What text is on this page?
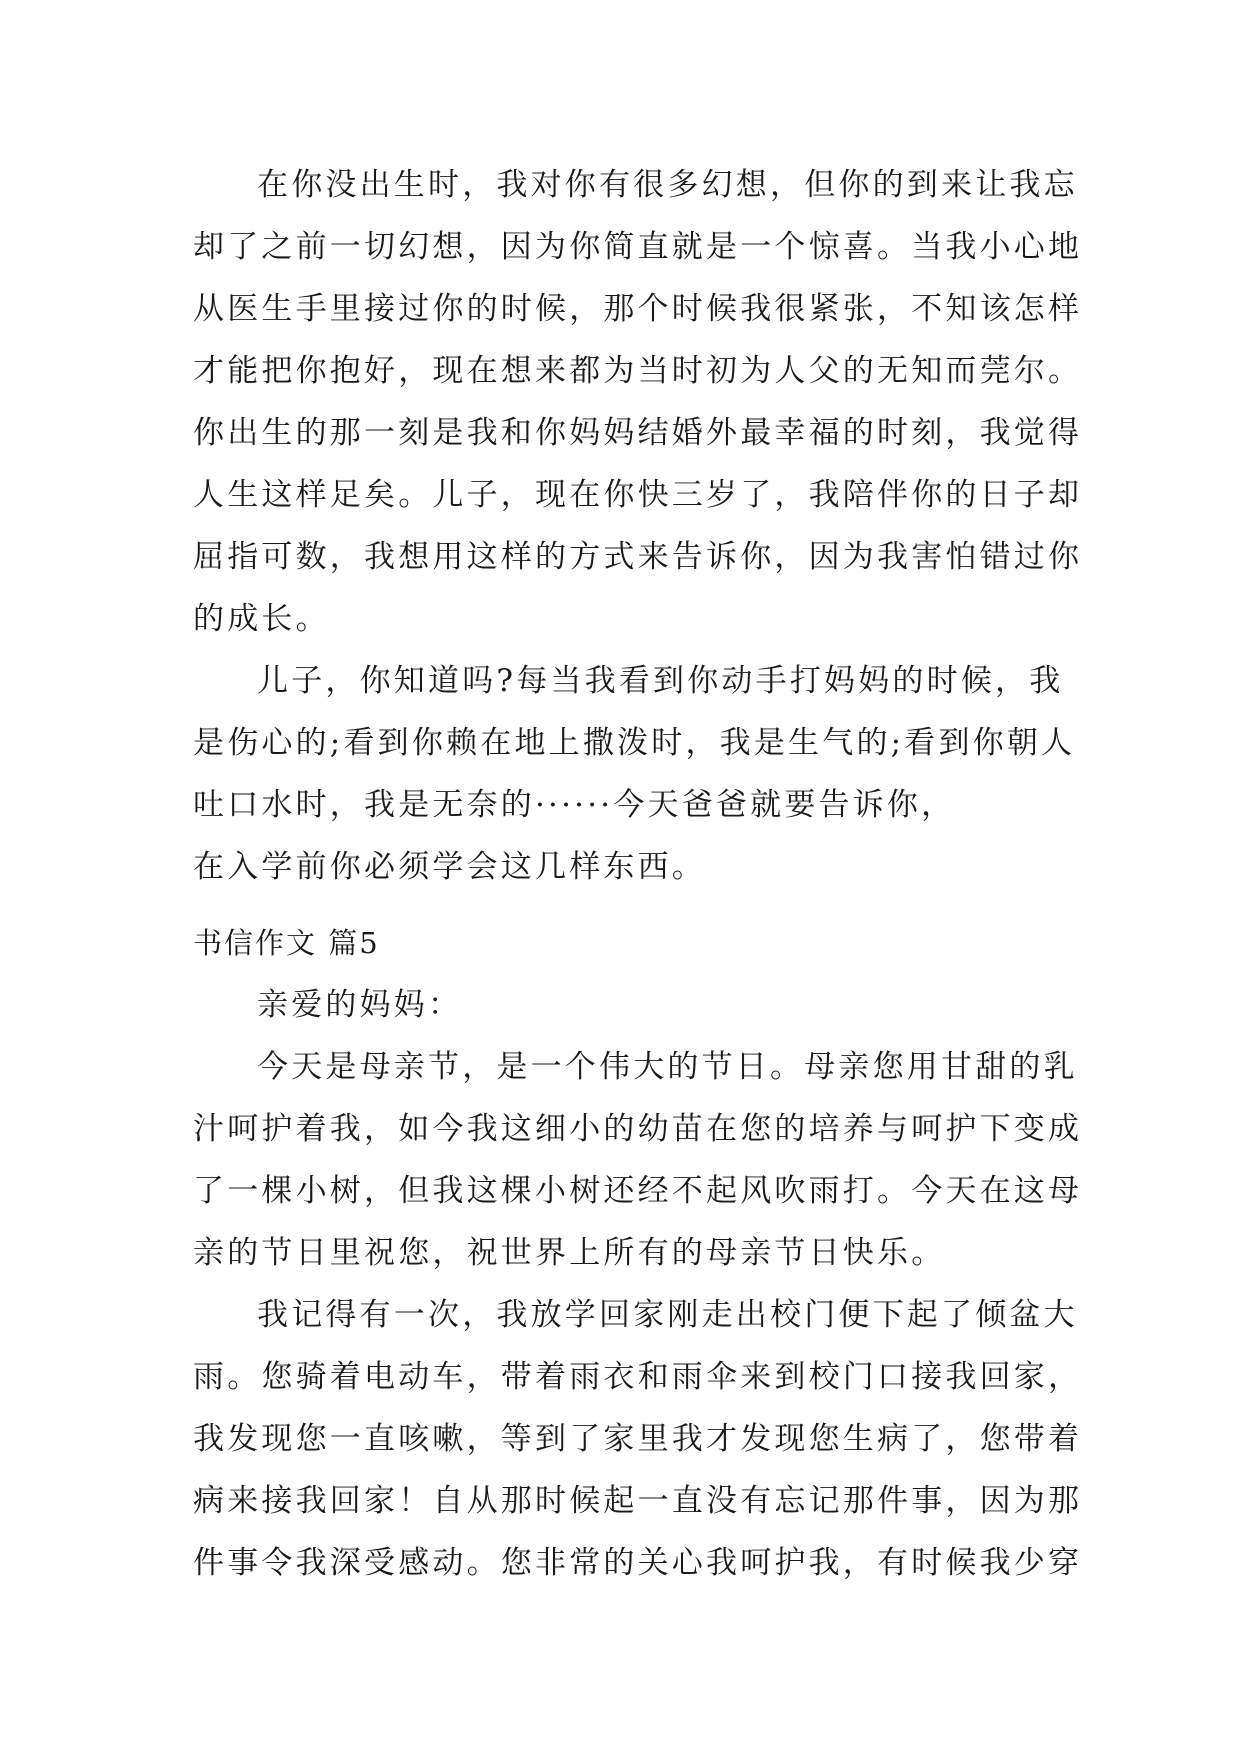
在你没出生时，我对你有很多幻想，但你的到来让我忘
却了之前一切幻想，因为你简直就是一个惊喜。当我小心地
从医生手里接过你的时候，那个时候我很紧张，不知该怎样
才能把你抱好，现在想来都为当时初为人父的无知而莞尔。
你出生的那一刻是我和你妈妈结婚外最幸福的时刻，我觉得
人生这样足矣。儿子，现在你快三岁了，我陪伴你的日子却
屈指可数，我想用这样的方式来告诉你，因为我害怕错过你
的成长。
儿子，你知道吗?每当我看到你动手打妈妈的时候，我
是伤心的;看到你赖在地上撒泼时，我是生气的;看到你朝人
吐口水时，我是无奈的······今天爸爸就要告诉你，
在入学前你必须学会这几样东西。
书信作文 篇5
亲爱的妈妈：
今天是母亲节，是一个伟大的节日。母亲您用甘甜的乳
汁呵护着我，如今我这细小的幼苗在您的培养与呵护下变成
了一棵小树，但我这棵小树还经不起风吹雨打。今天在这母
亲的节日里祝您，祝世界上所有的母亲节日快乐。
我记得有一次，我放学回家刚走出校门便下起了倾盆大
雨。您骑着电动车，带着雨衣和雨伞来到校门口接我回家，
我发现您一直咳嗽，等到了家里我才发现您生病了，您带着
病来接我回家！自从那时候起一直没有忘记那件事，因为那
件事令我深受感动。您非常的关心我呵护我，有时候我少穿
